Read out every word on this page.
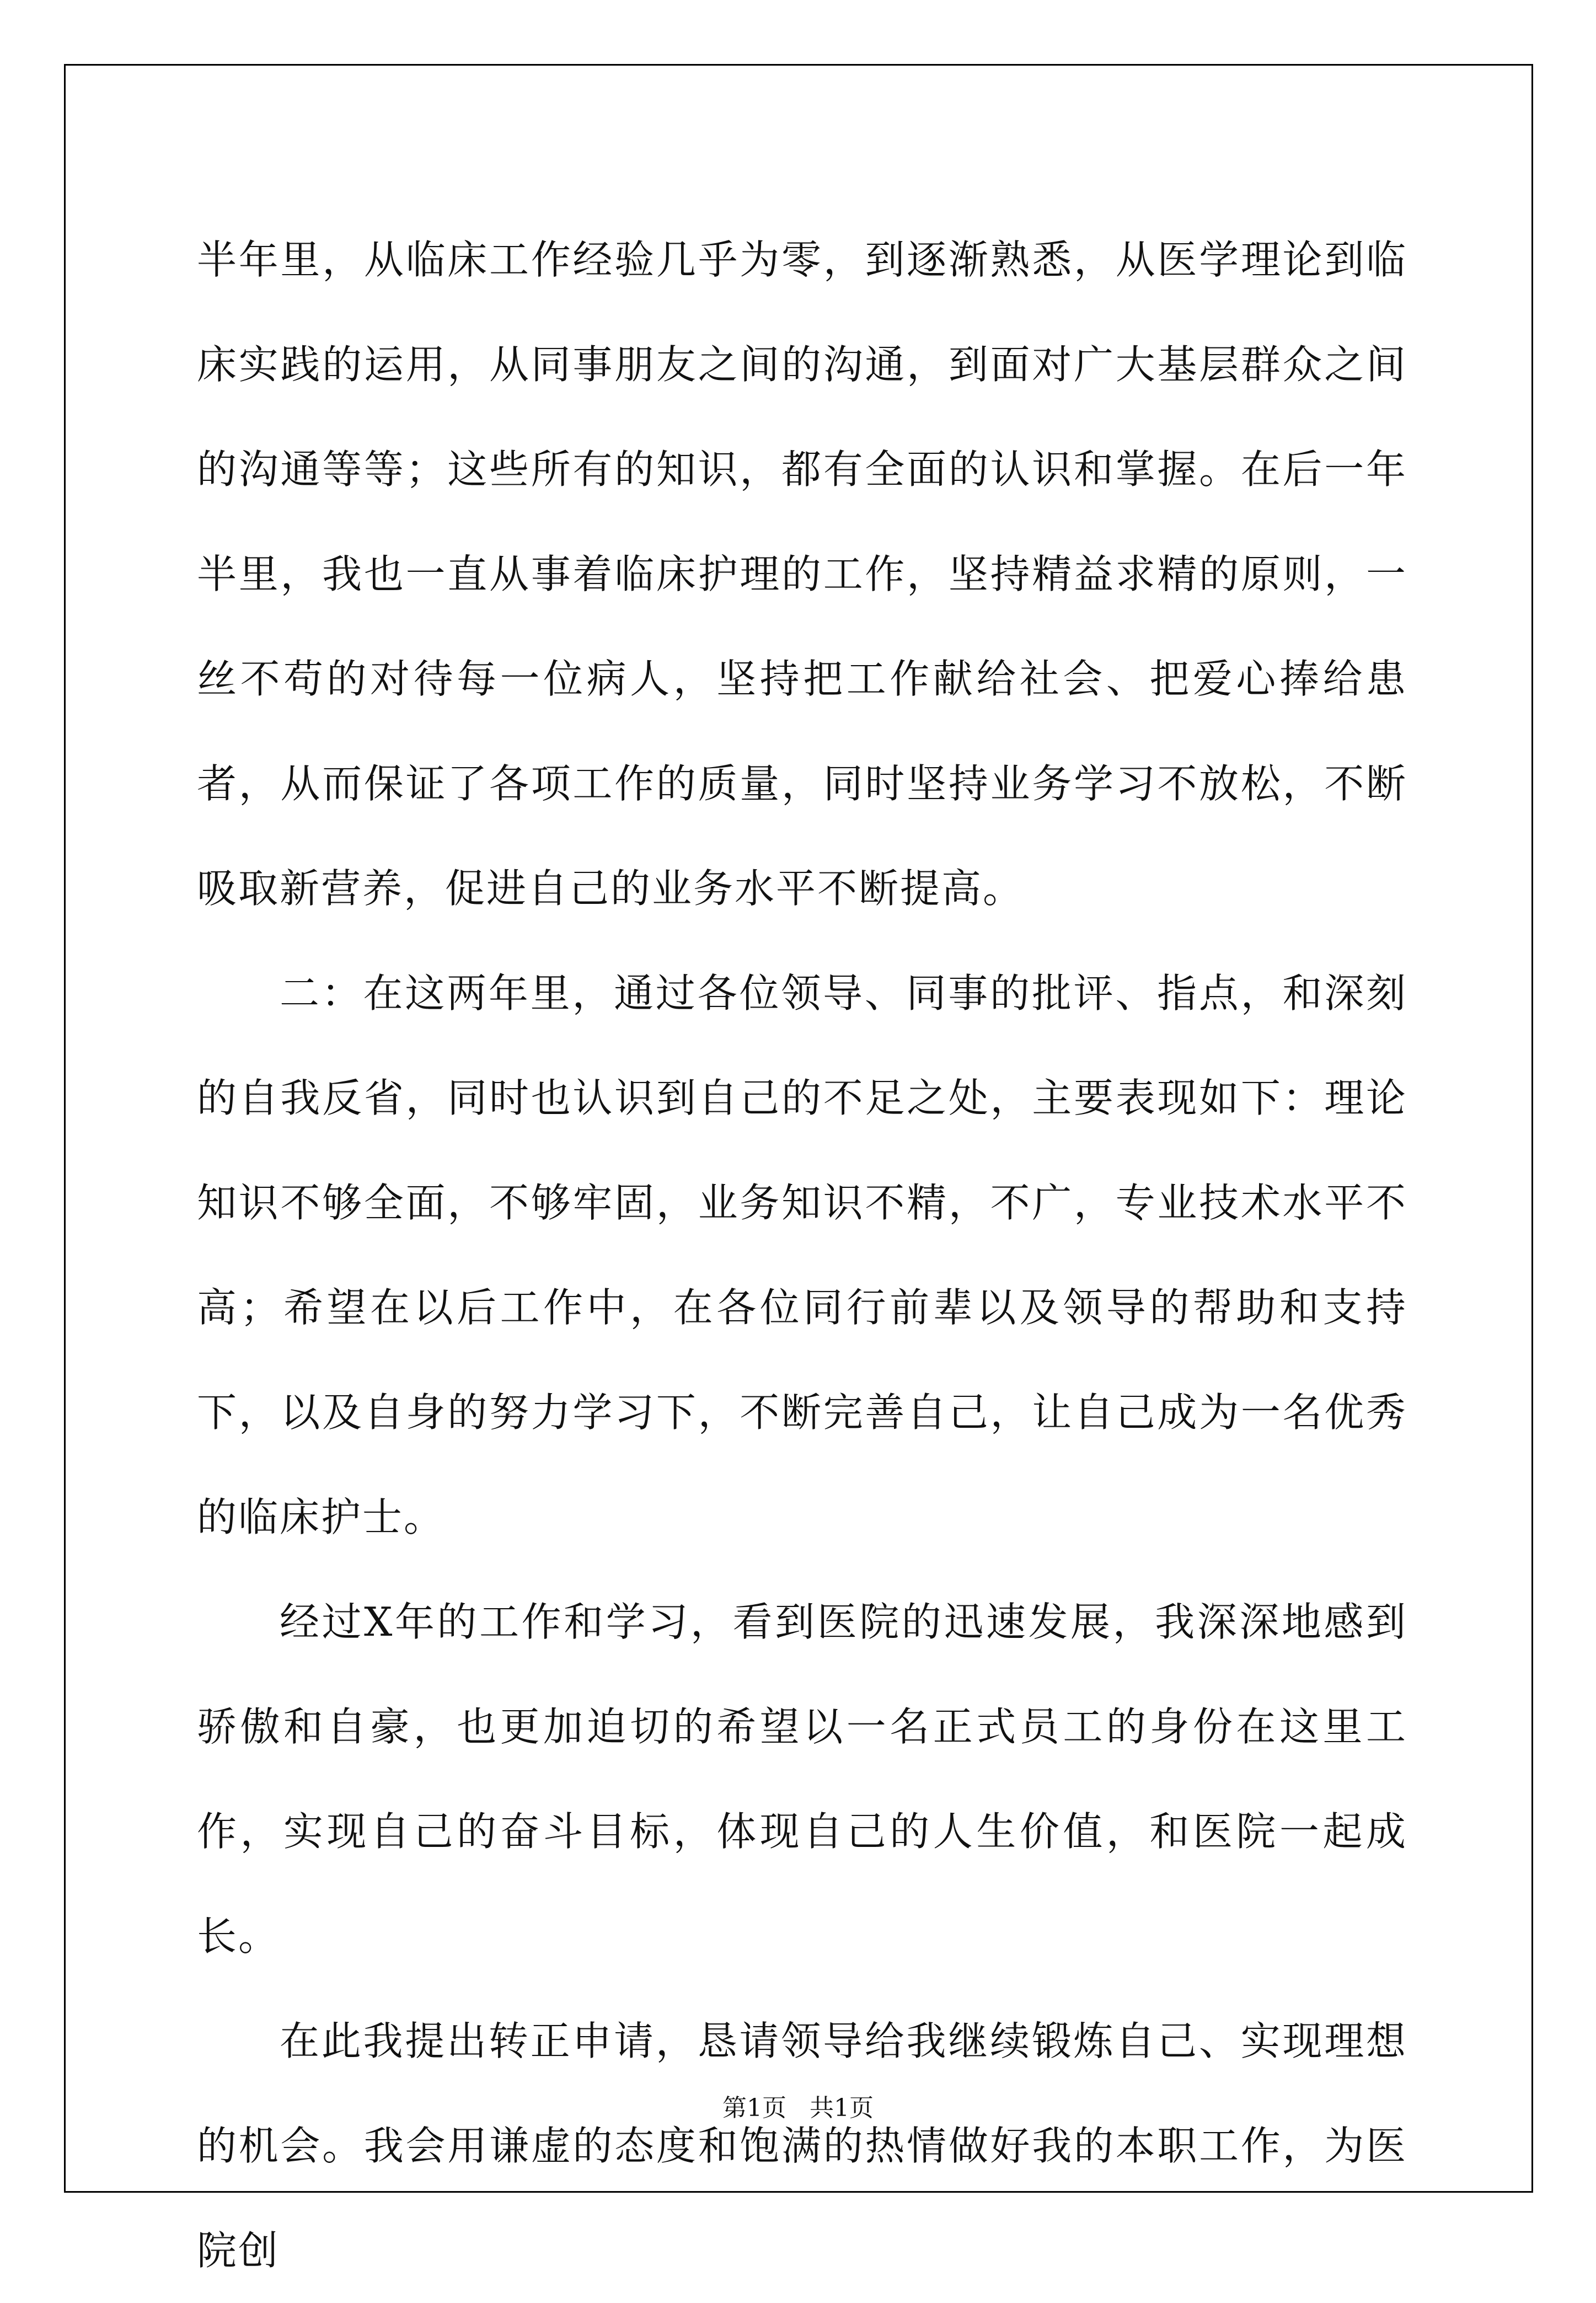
半年里，从临床工作经验几乎为零，到逐渐熟悉，从医学理论到临床实践的运用，从同事朋友之间的沟通，到面对广大基层群众之间的沟通等等；这些所有的知识，都有全面的认识和掌握。在后一年半里，我也一直从事着临床护理的工作，坚持精益求精的原则，一丝不苟的对待每一位病人，坚持把工作献给社会、把爱心捧给患者，从而保证了各项工作的质量，同时坚持业务学习不放松，不断吸取新营养，促进自己的业务水平不断提高。

二：在这两年里，通过各位领导、同事的批评、指点，和深刻的自我反省，同时也认识到自己的不足之处，主要表现如下：理论知识不够全面，不够牢固，业务知识不精，不广，专业技术水平不高；希望在以后工作中，在各位同行前辈以及领导的帮助和支持下，以及自身的努力学习下，不断完善自己，让自己成为一名优秀的临床护士。

经过X年的工作和学习，看到医院的迅速发展，我深深地感到骄傲和自豪，也更加迫切的希望以一名正式员工的身份在这里工作，实现自己的奋斗目标，体现自己的人生价值，和医院一起成长。

在此我提出转正申请，恳请领导给我继续锻炼自己、实现理想的机会。我会用谦虚的态度和饱满的热情做好我的本职工作，为医院创

第1页   共1页
